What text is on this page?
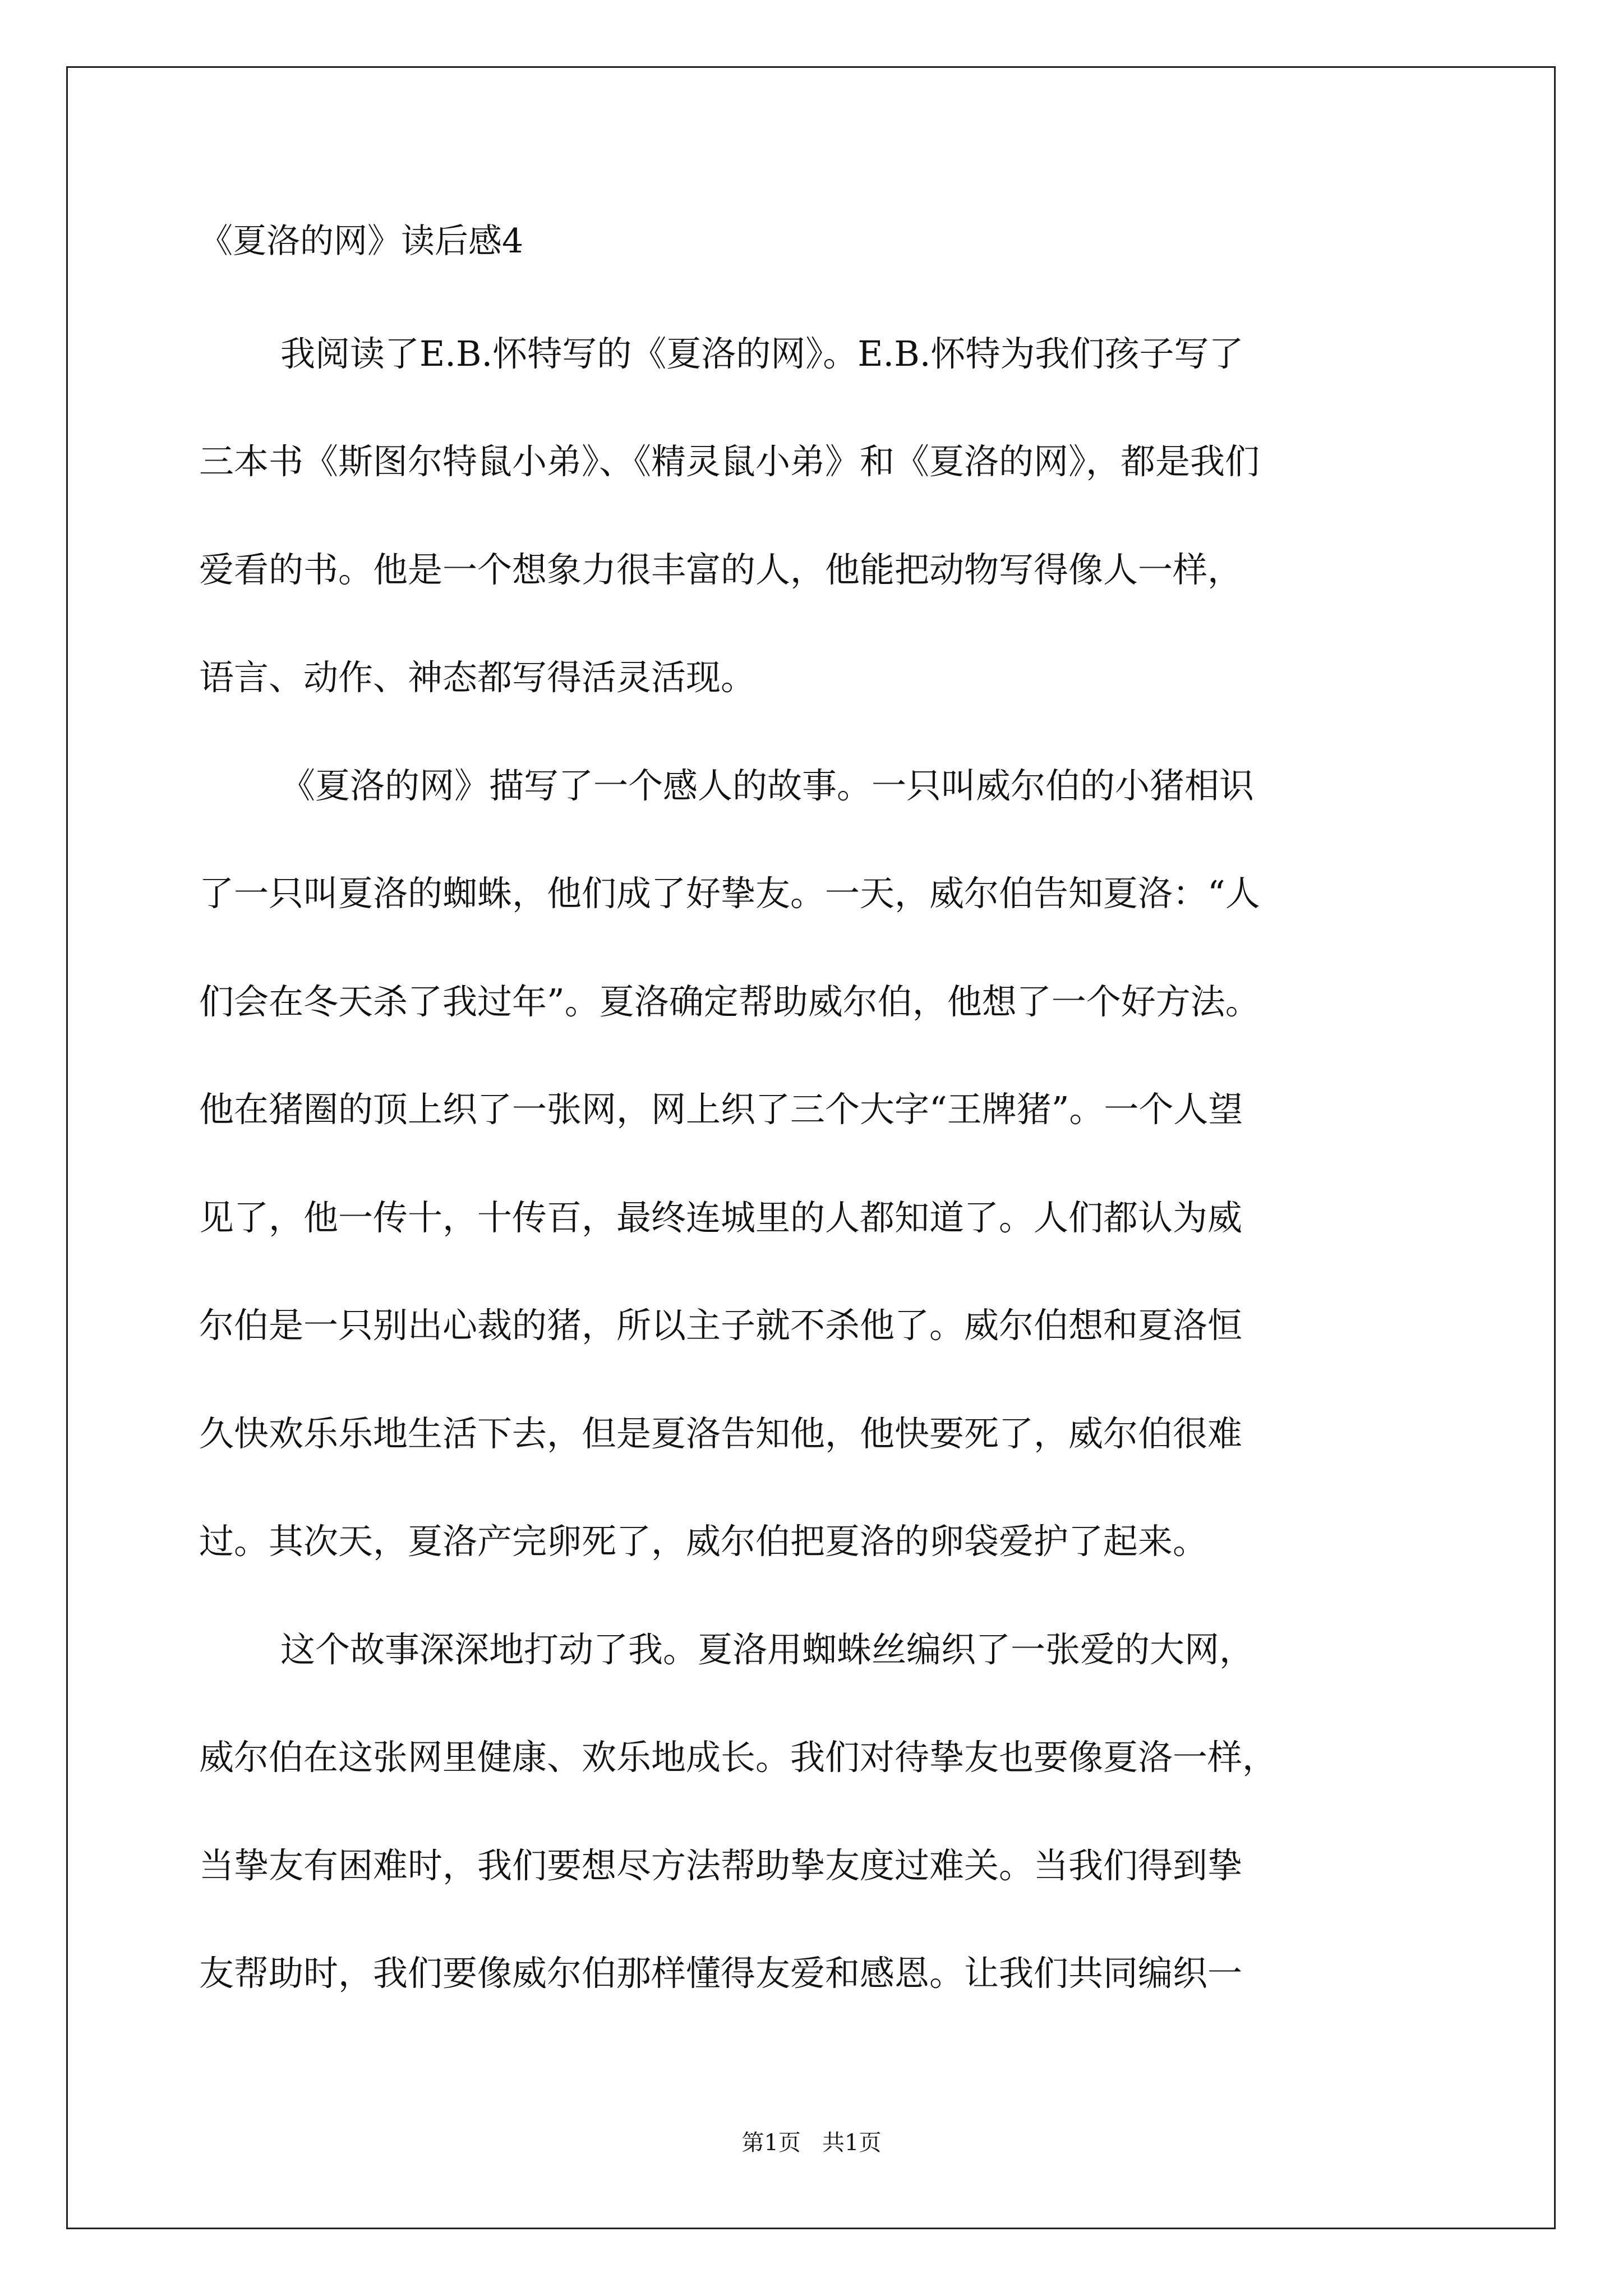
《夏洛的网》读后感4
我阅读了E.B.怀特写的《夏洛的网》。E.B.怀特为我们孩子写了
三本书《斯图尔特鼠小弟》、《精灵鼠小弟》和《夏洛的网》，都是我们
爱看的书。他是一个想象力很丰富的人，他能把动物写得像人一样，
语言、动作、神态都写得活灵活现。
《夏洛的网》描写了一个感人的故事。一只叫威尔伯的小猪相识
了一只叫夏洛的蜘蛛，他们成了好挚友。一天，威尔伯告知夏洛：“人
们会在冬天杀了我过年”。夏洛确定帮助威尔伯，他想了一个好方法。
他在猪圈的顶上织了一张网，网上织了三个大字“王牌猪”。一个人望
见了，他一传十，十传百，最终连城里的人都知道了。人们都认为威
尔伯是一只别出心裁的猪，所以主子就不杀他了。威尔伯想和夏洛恒
久快欢乐乐地生活下去，但是夏洛告知他，他快要死了，威尔伯很难
过。其次天，夏洛产完卵死了，威尔伯把夏洛的卵袋爱护了起来。
这个故事深深地打动了我。夏洛用蜘蛛丝编织了一张爱的大网，
威尔伯在这张网里健康、欢乐地成长。我们对待挚友也要像夏洛一样，
当挚友有困难时，我们要想尽方法帮助挚友度过难关。当我们得到挚
友帮助时，我们要像威尔伯那样懂得友爱和感恩。让我们共同编织一
第1页   共1页
